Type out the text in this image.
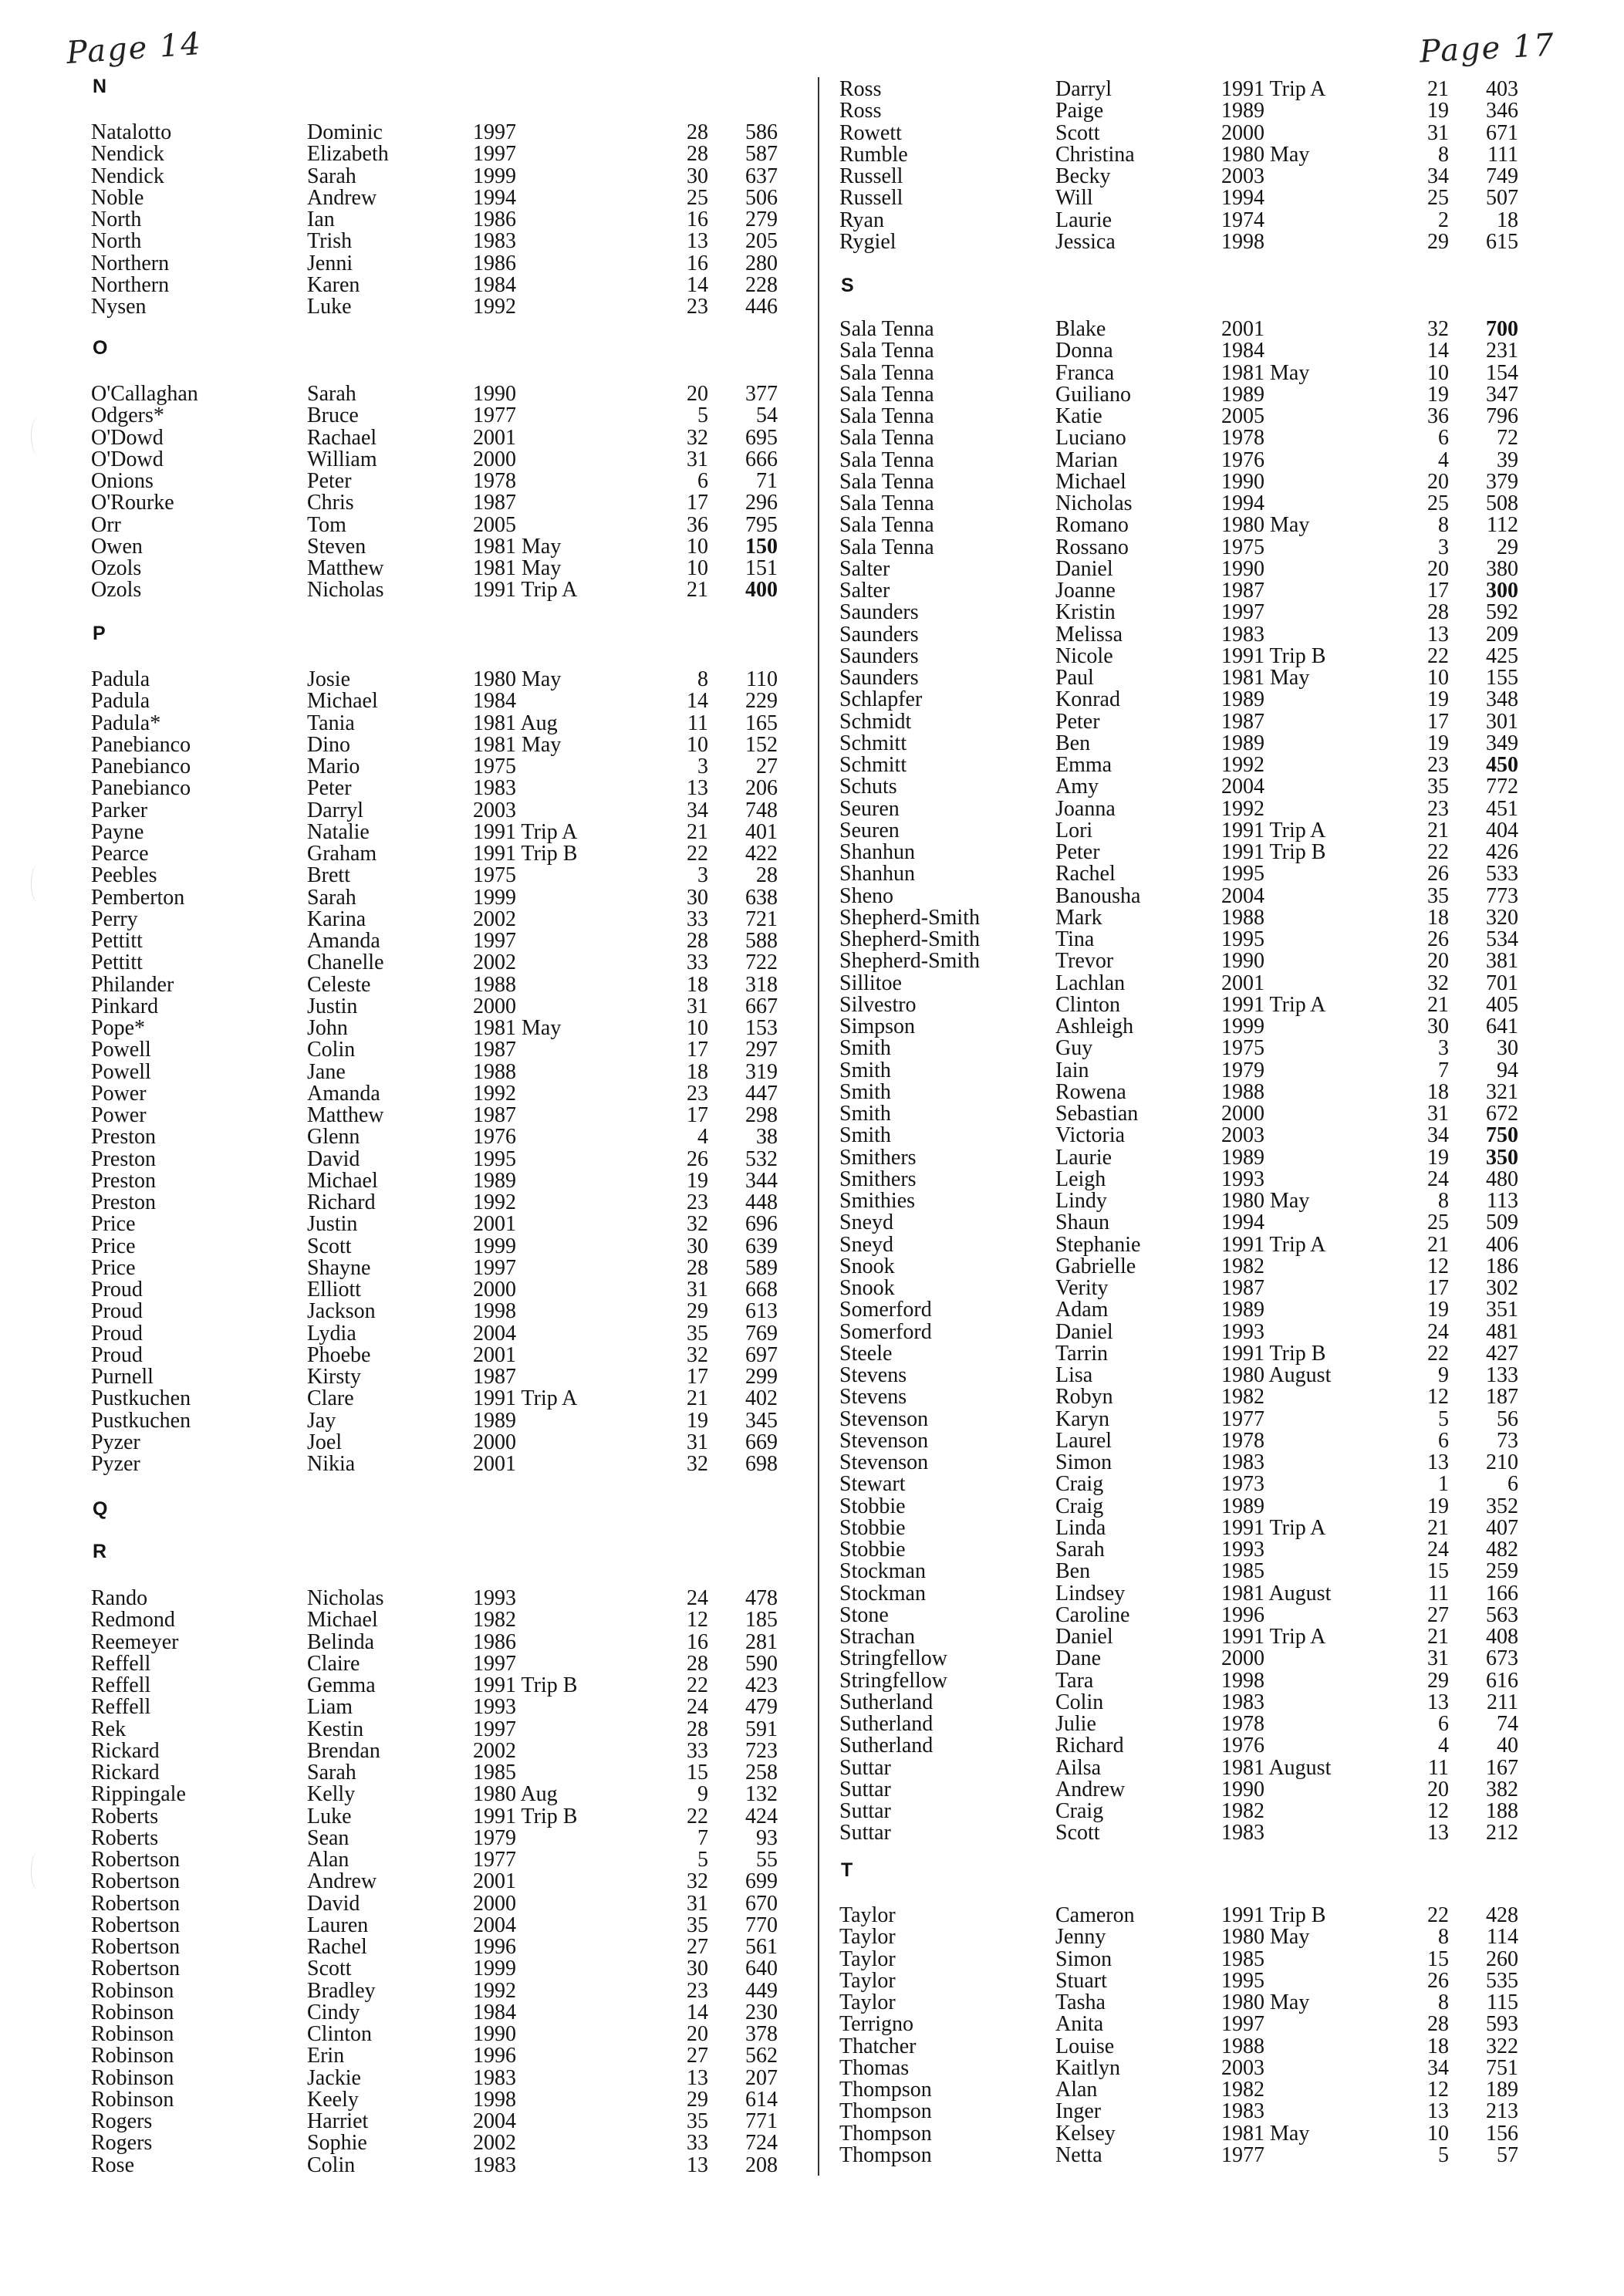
Page 14	Page 17
N
Natalotto	Dominic	1997	28	586
Nendick	Elizabeth	1997	28	587
Nendick	Sarah	1999	30	637
Noble	Andrew	1994	25	506
North	Ian	1986	16	279
North	Trish	1983	13	205
Northern	Jenni	1986	16	280
Northern	Karen	1984	14	228
Nysen	Luke	1992	23	446
O
O'Callaghan	Sarah	1990	20	377
Odgers*	Bruce	1977	5	54
O'Dowd	Rachael	2001	32	695
O'Dowd	William	2000	31	666
Onions	Peter	1978	6	71
O'Rourke	Chris	1987	17	296
Orr	Tom	2005	36	795
Owen	Steven	1981 May	10	150
Ozols	Matthew	1981 May	10	151
Ozols	Nicholas	1991 Trip A	21	400
P
Padula	Josie	1980 May	8	110
Padula	Michael	1984	14	229
Padula*	Tania	1981 Aug	11	165
Panebianco	Dino	1981 May	10	152
Panebianco	Mario	1975	3	27
Panebianco	Peter	1983	13	206
Parker	Darryl	2003	34	748
Payne	Natalie	1991 Trip A	21	401
Pearce	Graham	1991 Trip B	22	422
Peebles	Brett	1975	3	28
Pemberton	Sarah	1999	30	638
Perry	Karina	2002	33	721
Pettitt	Amanda	1997	28	588
Pettitt	Chanelle	2002	33	722
Philander	Celeste	1988	18	318
Pinkard	Justin	2000	31	667
Pope*	John	1981 May	10	153
Powell	Colin	1987	17	297
Powell	Jane	1988	18	319
Power	Amanda	1992	23	447
Power	Matthew	1987	17	298
Preston	Glenn	1976	4	38
Preston	David	1995	26	532
Preston	Michael	1989	19	344
Preston	Richard	1992	23	448
Price	Justin	2001	32	696
Price	Scott	1999	30	639
Price	Shayne	1997	28	589
Proud	Elliott	2000	31	668
Proud	Jackson	1998	29	613
Proud	Lydia	2004	35	769
Proud	Phoebe	2001	32	697
Purnell	Kirsty	1987	17	299
Pustkuchen	Clare	1991 Trip A	21	402
Pustkuchen	Jay	1989	19	345
Pyzer	Joel	2000	31	669
Pyzer	Nikia	2001	32	698
Q
R
Rando	Nicholas	1993	24	478
Redmond	Michael	1982	12	185
Reemeyer	Belinda	1986	16	281
Reffell	Claire	1997	28	590
Reffell	Gemma	1991 Trip B	22	423
Reffell	Liam	1993	24	479
Rek	Kestin	1997	28	591
Rickard	Brendan	2002	33	723
Rickard	Sarah	1985	15	258
Rippingale	Kelly	1980 Aug	9	132
Roberts	Luke	1991 Trip B	22	424
Roberts	Sean	1979	7	93
Robertson	Alan	1977	5	55
Robertson	Andrew	2001	32	699
Robertson	David	2000	31	670
Robertson	Lauren	2004	35	770
Robertson	Rachel	1996	27	561
Robertson	Scott	1999	30	640
Robinson	Bradley	1992	23	449
Robinson	Cindy	1984	14	230
Robinson	Clinton	1990	20	378
Robinson	Erin	1996	27	562
Robinson	Jackie	1983	13	207
Robinson	Keely	1998	29	614
Rogers	Harriet	2004	35	771
Rogers	Sophie	2002	33	724
Rose	Colin	1983	13	208
Ross	Darryl	1991 Trip A	21	403
Ross	Paige	1989	19	346
Rowett	Scott	2000	31	671
Rumble	Christina	1980 May	8	111
Russell	Becky	2003	34	749
Russell	Will	1994	25	507
Ryan	Laurie	1974	2	18
Rygiel	Jessica	1998	29	615
S
Sala Tenna	Blake	2001	32	700
Sala Tenna	Donna	1984	14	231
Sala Tenna	Franca	1981 May	10	154
Sala Tenna	Guiliano	1989	19	347
Sala Tenna	Katie	2005	36	796
Sala Tenna	Luciano	1978	6	72
Sala Tenna	Marian	1976	4	39
Sala Tenna	Michael	1990	20	379
Sala Tenna	Nicholas	1994	25	508
Sala Tenna	Romano	1980 May	8	112
Sala Tenna	Rossano	1975	3	29
Salter	Daniel	1990	20	380
Salter	Joanne	1987	17	300
Saunders	Kristin	1997	28	592
Saunders	Melissa	1983	13	209
Saunders	Nicole	1991 Trip B	22	425
Saunders	Paul	1981 May	10	155
Schlapfer	Konrad	1989	19	348
Schmidt	Peter	1987	17	301
Schmitt	Ben	1989	19	349
Schmitt	Emma	1992	23	450
Schuts	Amy	2004	35	772
Seuren	Joanna	1992	23	451
Seuren	Lori	1991 Trip A	21	404
Shanhun	Peter	1991 Trip B	22	426
Shanhun	Rachel	1995	26	533
Sheno	Banousha	2004	35	773
Shepherd-Smith	Mark	1988	18	320
Shepherd-Smith	Tina	1995	26	534
Shepherd-Smith	Trevor	1990	20	381
Sillitoe	Lachlan	2001	32	701
Silvestro	Clinton	1991 Trip A	21	405
Simpson	Ashleigh	1999	30	641
Smith	Guy	1975	3	30
Smith	Iain	1979	7	94
Smith	Rowena	1988	18	321
Smith	Sebastian	2000	31	672
Smith	Victoria	2003	34	750
Smithers	Laurie	1989	19	350
Smithers	Leigh	1993	24	480
Smithies	Lindy	1980 May	8	113
Sneyd	Shaun	1994	25	509
Sneyd	Stephanie	1991 Trip A	21	406
Snook	Gabrielle	1982	12	186
Snook	Verity	1987	17	302
Somerford	Adam	1989	19	351
Somerford	Daniel	1993	24	481
Steele	Tarrin	1991 Trip B	22	427
Stevens	Lisa	1980 August	9	133
Stevens	Robyn	1982	12	187
Stevenson	Karyn	1977	5	56
Stevenson	Laurel	1978	6	73
Stevenson	Simon	1983	13	210
Stewart	Craig	1973	1	6
Stobbie	Craig	1989	19	352
Stobbie	Linda	1991 Trip A	21	407
Stobbie	Sarah	1993	24	482
Stockman	Ben	1985	15	259
Stockman	Lindsey	1981 August	11	166
Stone	Caroline	1996	27	563
Strachan	Daniel	1991 Trip A	21	408
Stringfellow	Dane	2000	31	673
Stringfellow	Tara	1998	29	616
Sutherland	Colin	1983	13	211
Sutherland	Julie	1978	6	74
Sutherland	Richard	1976	4	40
Suttar	Ailsa	1981 August	11	167
Suttar	Andrew	1990	20	382
Suttar	Craig	1982	12	188
Suttar	Scott	1983	13	212
T
Taylor	Cameron	1991 Trip B	22	428
Taylor	Jenny	1980 May	8	114
Taylor	Simon	1985	15	260
Taylor	Stuart	1995	26	535
Taylor	Tasha	1980 May	8	115
Terrigno	Anita	1997	28	593
Thatcher	Louise	1988	18	322
Thomas	Kaitlyn	2003	34	751
Thompson	Alan	1982	12	189
Thompson	Inger	1983	13	213
Thompson	Kelsey	1981 May	10	156
Thompson	Netta	1977	5	57
